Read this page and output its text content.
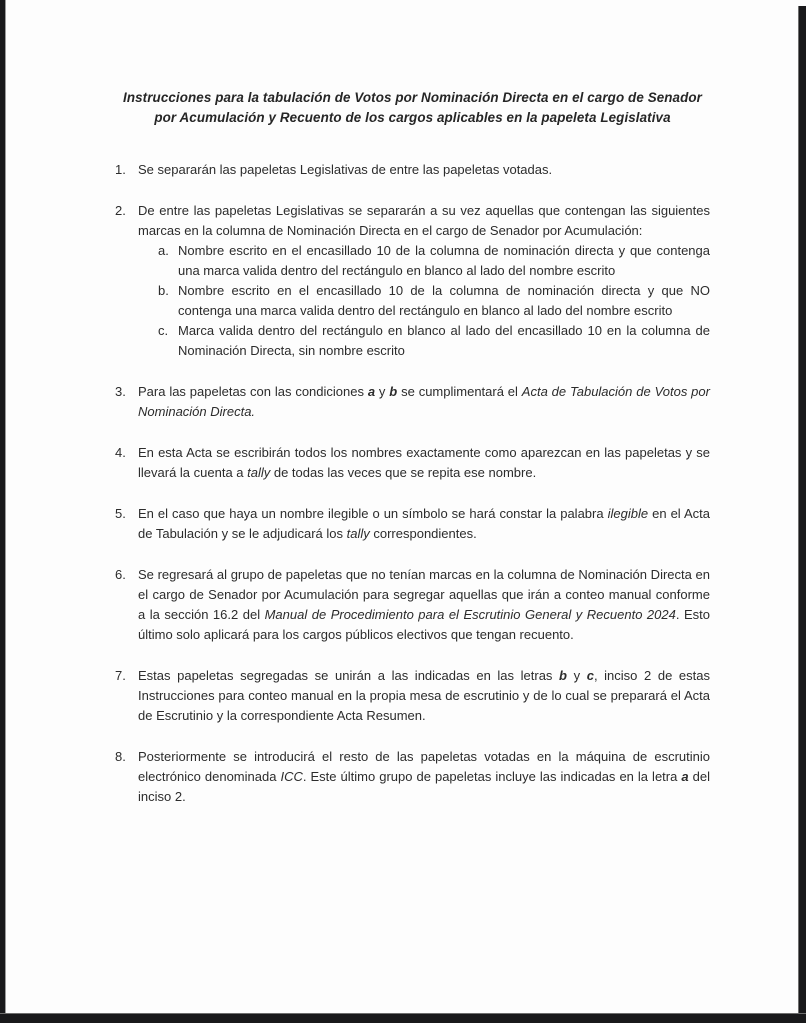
Instrucciones para la tabulación de Votos por Nominación Directa en el cargo de Senador por Acumulación y Recuento de los cargos aplicables en la papeleta Legislativa
1. Se separarán las papeletas Legislativas de entre las papeletas votadas.
2. De entre las papeletas Legislativas se separarán a su vez aquellas que contengan las siguientes marcas en la columna de Nominación Directa en el cargo de Senador por Acumulación:
a. Nombre escrito en el encasillado 10 de la columna de nominación directa y que contenga una marca valida dentro del rectángulo en blanco al lado del nombre escrito
b. Nombre escrito en el encasillado 10 de la columna de nominación directa y que NO contenga una marca valida dentro del rectángulo en blanco al lado del nombre escrito
c. Marca valida dentro del rectángulo en blanco al lado del encasillado 10 en la columna de Nominación Directa, sin nombre escrito
3. Para las papeletas con las condiciones a y b se cumplimentará el Acta de Tabulación de Votos por Nominación Directa.
4. En esta Acta se escribirán todos los nombres exactamente como aparezcan en las papeletas y se llevará la cuenta a tally de todas las veces que se repita ese nombre.
5. En el caso que haya un nombre ilegible o un símbolo se hará constar la palabra ilegible en el Acta de Tabulación y se le adjudicará los tally correspondientes.
6. Se regresará al grupo de papeletas que no tenían marcas en la columna de Nominación Directa en el cargo de Senador por Acumulación para segregar aquellas que irán a conteo manual conforme a la sección 16.2 del Manual de Procedimiento para el Escrutinio General y Recuento 2024. Esto último solo aplicará para los cargos públicos electivos que tengan recuento.
7. Estas papeletas segregadas se unirán a las indicadas en las letras b y c, inciso 2 de estas Instrucciones para conteo manual en la propia mesa de escrutinio y de lo cual se preparará el Acta de Escrutinio y la correspondiente Acta Resumen.
8. Posteriormente se introducirá el resto de las papeletas votadas en la máquina de escrutinio electrónico denominada ICC. Este último grupo de papeletas incluye las indicadas en la letra a del inciso 2.
